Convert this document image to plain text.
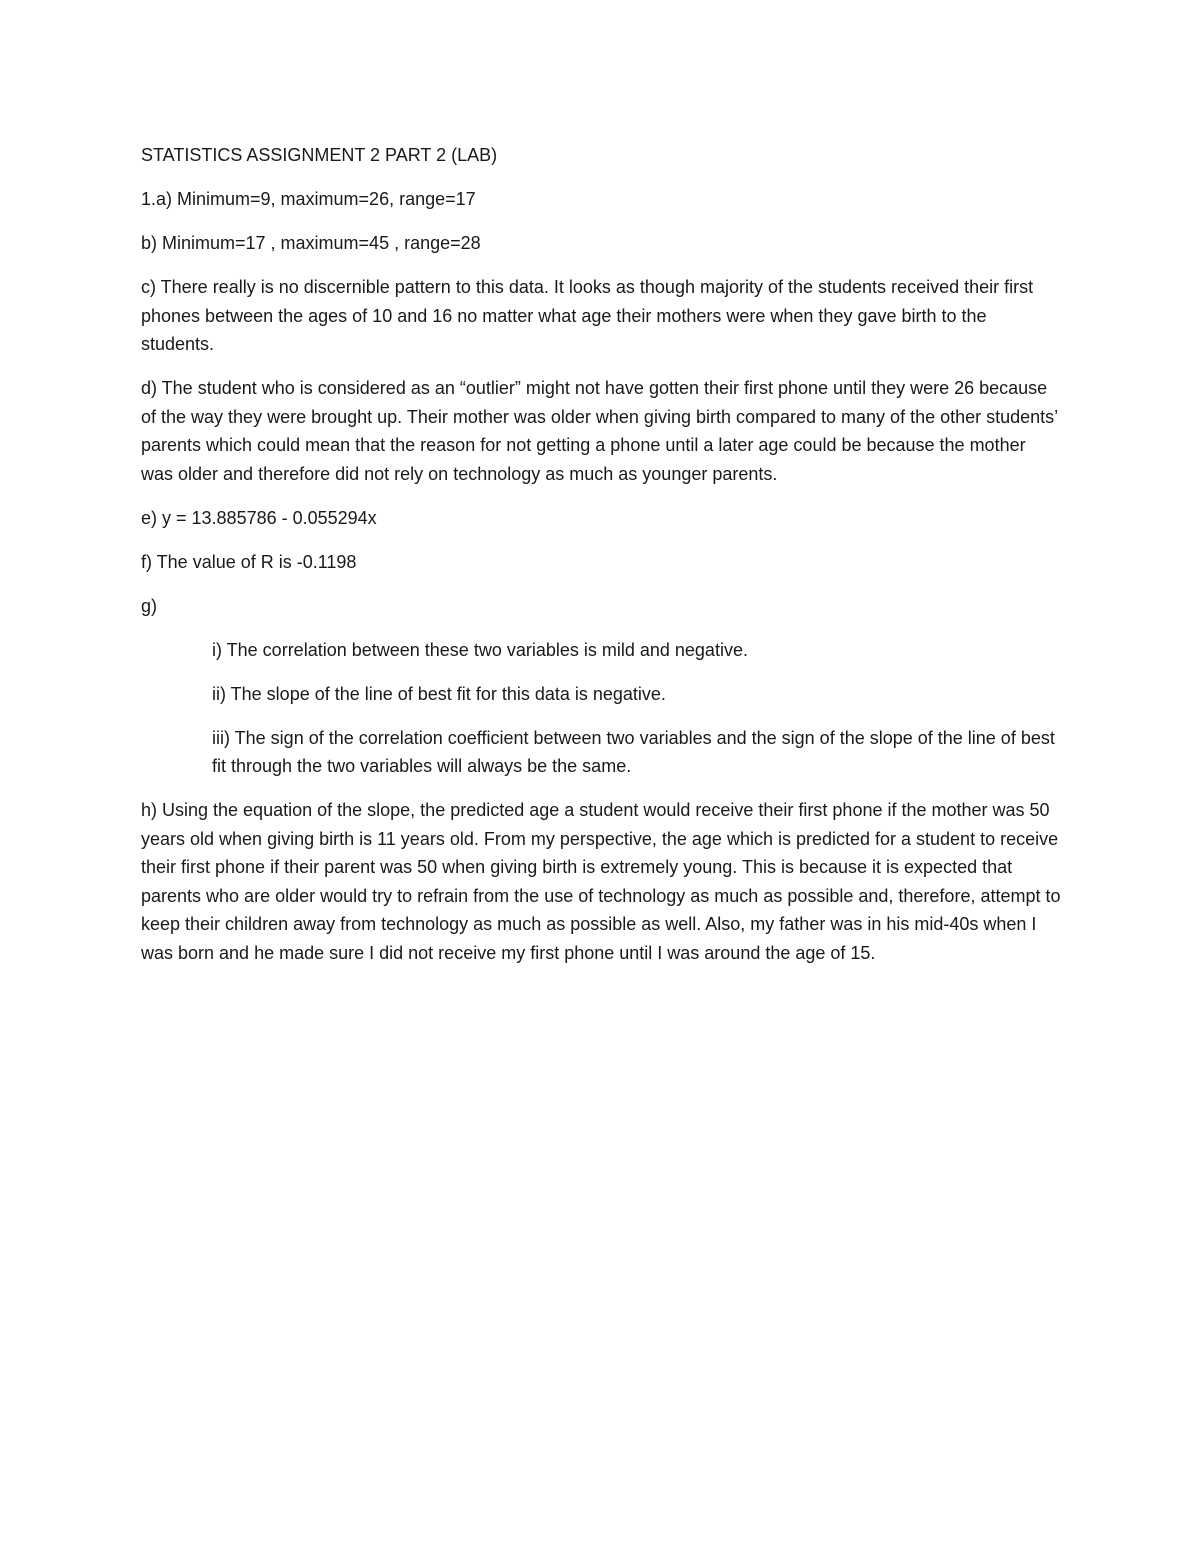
STATISTICS ASSIGNMENT 2 PART 2 (LAB)

1.a) Minimum=9, maximum=26, range=17

b) Minimum=17 , maximum=45 , range=28

c) There really is no discernible pattern to this data. It looks as though majority of the students received their first phones between the ages of 10 and 16 no matter what age their mothers were when they gave birth to the students.

d) The student who is considered as an “outlier” might not have gotten their first phone until they were 26 because of the way they were brought up. Their mother was older when giving birth compared to many of the other students’ parents which could mean that the reason for not getting a phone until a later age could be because the mother was older and therefore did not rely on technology as much as younger parents.

e) y = 13.885786 - 0.055294x

f) The value of R is -0.1198

g)

i) The correlation between these two variables is mild and negative.

ii) The slope of the line of best fit for this data is negative.

iii) The sign of the correlation coefficient between two variables and the sign of the slope of the line of best fit through the two variables will always be the same.

h) Using the equation of the slope, the predicted age a student would receive their first phone if the mother was 50 years old when giving birth is 11 years old. From my perspective, the age which is predicted for a student to receive their first phone if their parent was 50 when giving birth is extremely young. This is because it is expected that parents who are older would try to refrain from the use of technology as much as possible and, therefore, attempt to keep their children away from technology as much as possible as well. Also, my father was in his mid-40s when I was born and he made sure I did not receive my first phone until I was around the age of 15.
